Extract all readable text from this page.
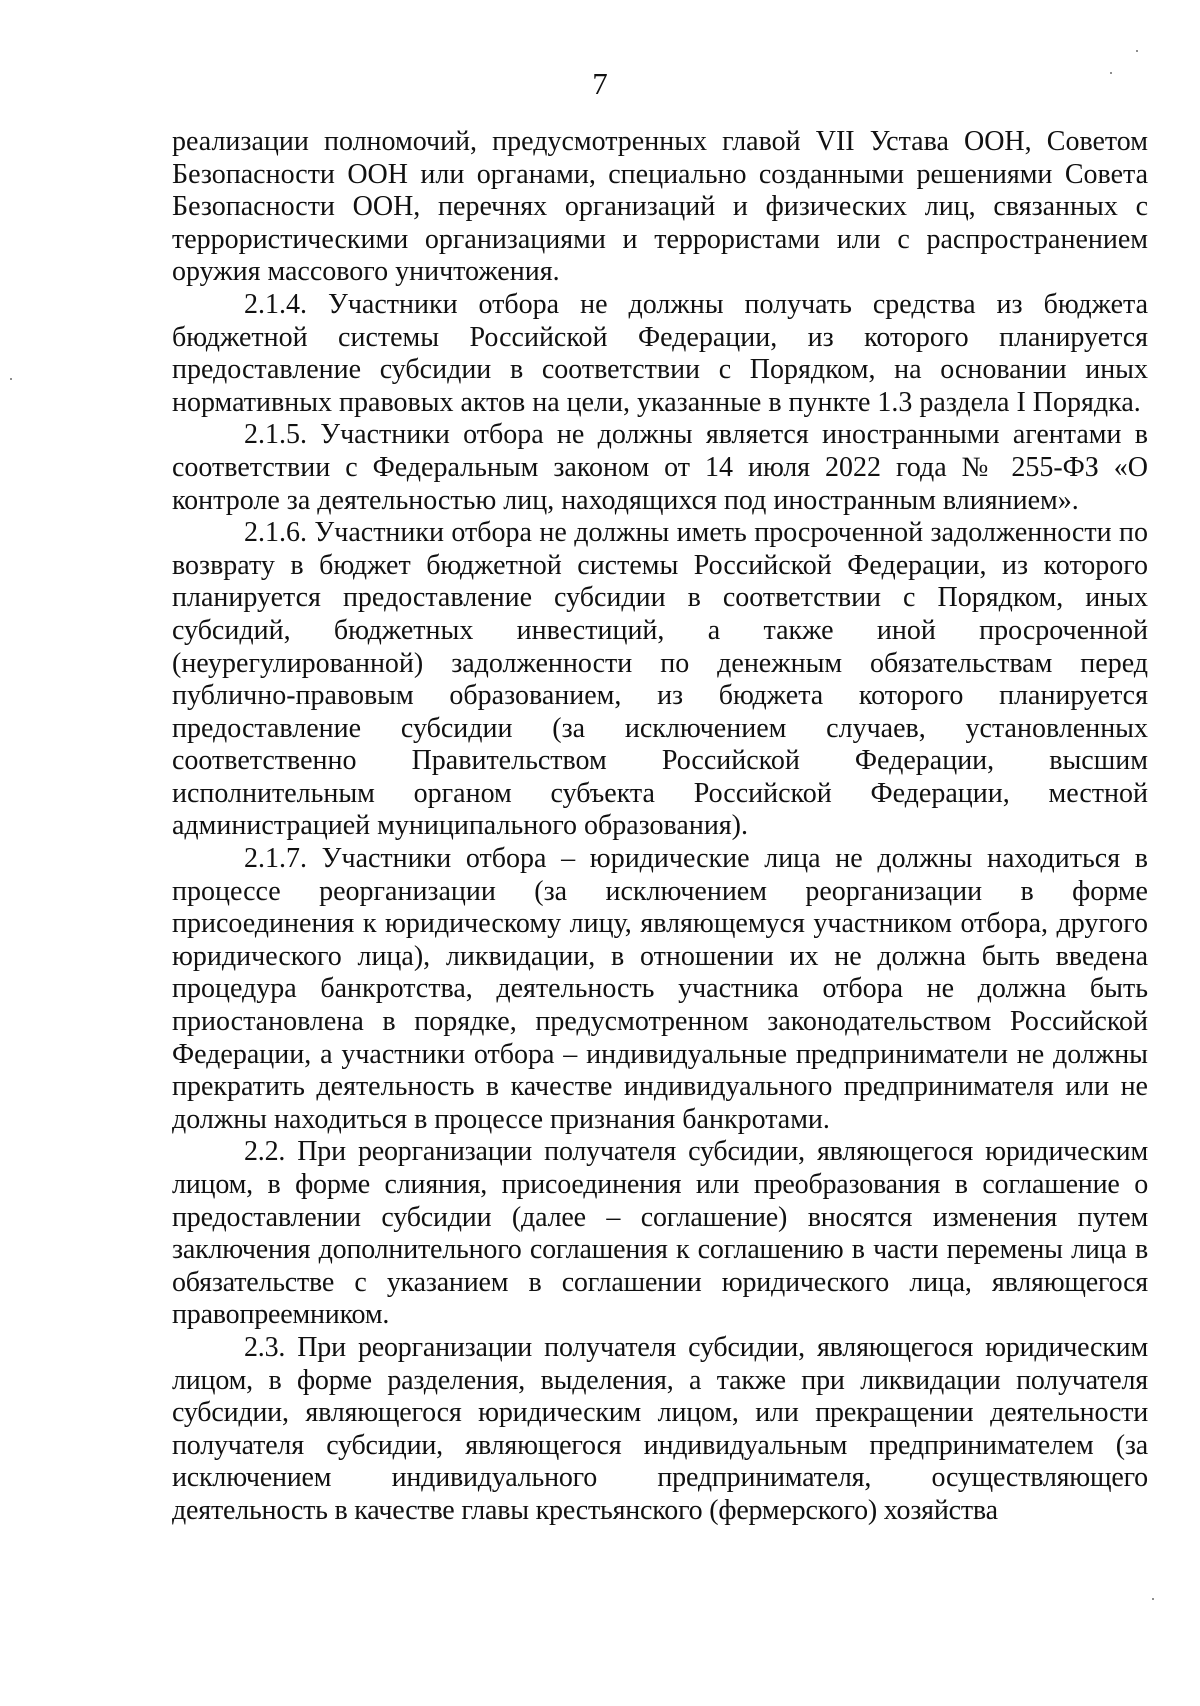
7

реализации полномочий, предусмотренных главой VII Устава ООН, Советом Безопасности ООН или органами, специально созданными решениями Совета Безопасности ООН, перечнях организаций и физических лиц, связанных с террористическими организациями и террористами или с распространением оружия массового уничтожения.

2.1.4. Участники отбора не должны получать средства из бюджета бюджетной системы Российской Федерации, из которого планируется предоставление субсидии в соответствии с Порядком, на основании иных нормативных правовых актов на цели, указанные в пункте 1.3 раздела I Порядка.

2.1.5. Участники отбора не должны является иностранными агентами в соответствии с Федеральным законом от 14 июля 2022 года № 255-ФЗ «О контроле за деятельностью лиц, находящихся под иностранным влиянием».

2.1.6. Участники отбора не должны иметь просроченной задолженности по возврату в бюджет бюджетной системы Российской Федерации, из которого планируется предоставление субсидии в соответствии с Порядком, иных субсидий, бюджетных инвестиций, а также иной просроченной (неурегулированной) задолженности по денежным обязательствам перед публично-правовым образованием, из бюджета которого планируется предоставление субсидии (за исключением случаев, установленных соответственно Правительством Российской Федерации, высшим исполнительным органом субъекта Российской Федерации, местной администрацией муниципального образования).

2.1.7. Участники отбора – юридические лица не должны находиться в процессе реорганизации (за исключением реорганизации в форме присоединения к юридическому лицу, являющемуся участником отбора, другого юридического лица), ликвидации, в отношении их не должна быть введена процедура банкротства, деятельность участника отбора не должна быть приостановлена в порядке, предусмотренном законодательством Российской Федерации, а участники отбора – индивидуальные предприниматели не должны прекратить деятельность в качестве индивидуального предпринимателя или не должны находиться в процессе признания банкротами.

2.2. При реорганизации получателя субсидии, являющегося юридическим лицом, в форме слияния, присоединения или преобразования в соглашение о предоставлении субсидии (далее – соглашение) вносятся изменения путем заключения дополнительного соглашения к соглашению в части перемены лица в обязательстве с указанием в соглашении юридического лица, являющегося правопреемником.

2.3. При реорганизации получателя субсидии, являющегося юридическим лицом, в форме разделения, выделения, а также при ликвидации получателя субсидии, являющегося юридическим лицом, или прекращении деятельности получателя субсидии, являющегося индивидуальным предпринимателем (за исключением индивидуального предпринимателя, осуществляющего деятельность в качестве главы крестьянского (фермерского) хозяйства
